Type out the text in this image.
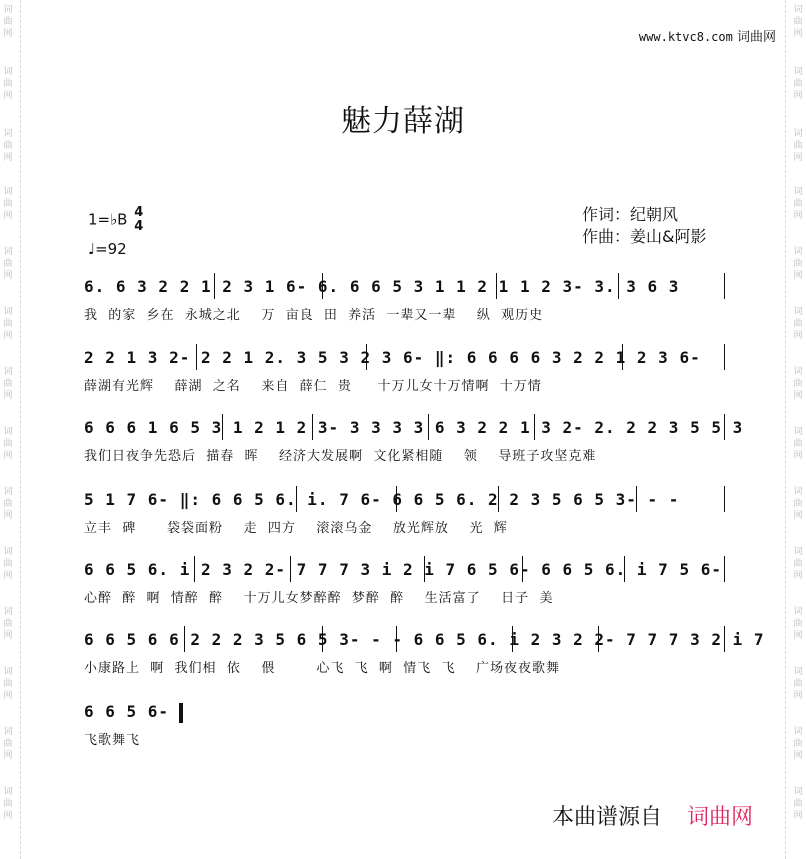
词
曲
网
词
曲
网
词
曲
网
词
曲
网
词
曲
网
词
曲
网
词
曲
网
词
曲
网
词
曲
网
词
曲
网
词
曲
网
词
曲
网
词
曲
网
词
曲
网
词
曲
网
词
曲
网
词
曲
网
词
曲
网
词
曲
网
词
曲
网
词
曲
网
词
曲
网
词
曲
网
词
曲
网
词
曲
网
词
曲
网
词
曲
网
词
曲
网
www.ktvc8.com 词曲网
魅力薛湖
1=♭B 4
4
♩=92
作词：纪朝风
作曲：姜山&阿影
6. 6 3 2 2 1 2 3 1 6- 6. 6 6 5 3 1 1 2 1 1 2 3- 3. 3 6 3
我  的家  乡在  永城之北    万  亩良  田  养活  一辈又一辈    纵  观历史
2 2 1 3 2- 2 2 1 2. 3 5 3 2 3 6- ‖: 6 6 6 6 3 2 2 1 2 3 6-
薛湖有光辉    薛湖  之名    来自  薛仁  贵     十万儿女十万情啊  十万情
6 6 6 1 6 5 3 1 2 1 2 3- 3 3 3 3 6 3 2 2 1 3 2- 2. 2 2 3 5 5 3
我们日夜争先恐后  描春  晖    经济大发展啊  文化紧相随    领    导班子攻坚克难
5 1 7 6- ‖: 6 6 5 6. i. 7 6- 6 6 5 6. 2 2 3 5 6 5 3- - -
立丰  碑      袋袋面粉    走  四方    滚滚乌金    放光辉放    光  辉
6 6 5 6. i 2 3 2 2- 7 7 7 3 i 2 i 7 6 5 6- 6 6 5 6. i 7 5 6-
心醉  醉  啊  情醉  醉    十万儿女梦醉醉  梦醉  醉    生活富了    日子  美
6 6 5 6 6 2 2 2 3 5 6 5 3- - - 6 6 5 6. i 2 3 2 2- 7 7 7 3 2 i 7
小康路上  啊  我们相  依    偎        心飞  飞  啊  情飞  飞    广场夜夜歌舞
6 6 5 6-
飞歌舞飞
本曲谱源自 词曲网
